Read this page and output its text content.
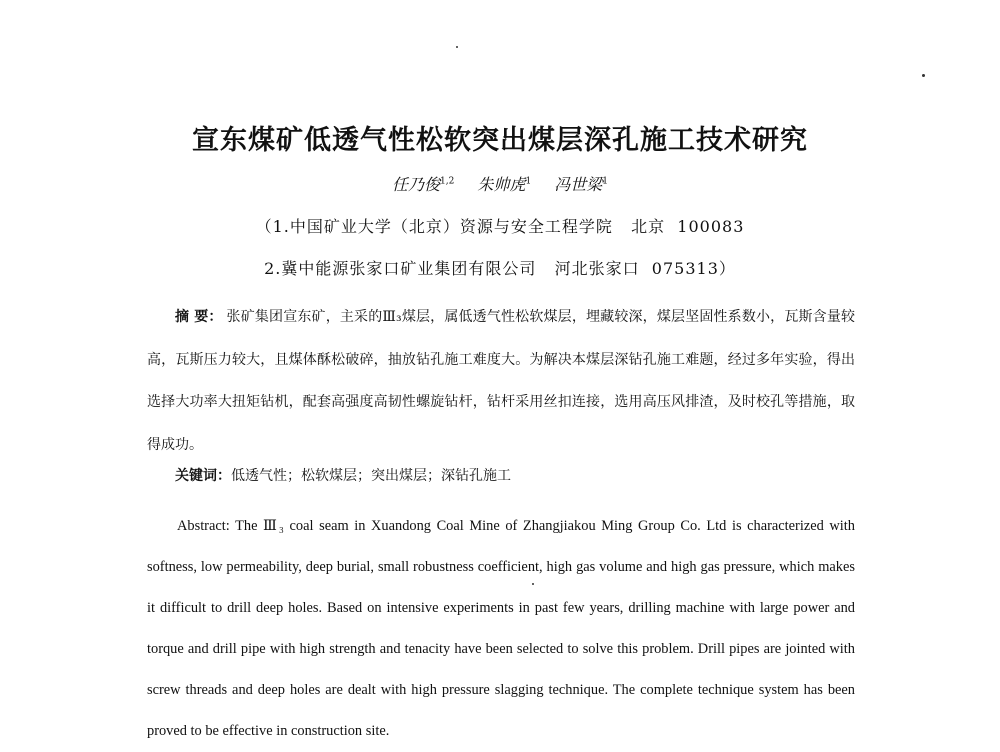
宣东煤矿低透气性松软突出煤层深孔施工技术研究
任乃俊$^{1,2}$ 朱帅虎$^1$ 冯世梁$^1$
（1.中国矿业大学（北京）资源与安全工程学院   北京  100083
2.冀中能源张家口矿业集团有限公司   河北张家口  075313）

摘 要： 张矿集团宣东矿，主采的Ⅲ₃煤层，属低透气性松软煤层，埋藏较深，煤层坚固性系数小，瓦斯含量较高，瓦斯压力较大，且煤体酥松破碎，抽放钻孔施工难度大。为解决本煤层深钻孔施工难题，经过多年实验，得出选择大功率大扭矩钻机，配套高强度高韧性螺旋钻杆，钻杆采用丝扣连接，选用高压风排渣，及时校孔等措施，取得成功。

关键词：低透气性；松软煤层；突出煤层；深钻孔施工

Abstract: The Ⅲ₃ coal seam in Xuandong Coal Mine of Zhangjiakou Ming Group Co. Ltd is characterized with softness, low permeability, deep burial, small robustness coefficient, high gas volume and high gas pressure, which makes it difficult to drill deep holes. Based on intensive experiments in past few years, drilling machine with large power and torque and drill pipe with high strength and tenacity have been selected to solve this problem. Drill pipes are jointed with screw threads and deep holes are dealt with high pressure slagging technique. The complete technique system has been proved to be effective in construction site.
